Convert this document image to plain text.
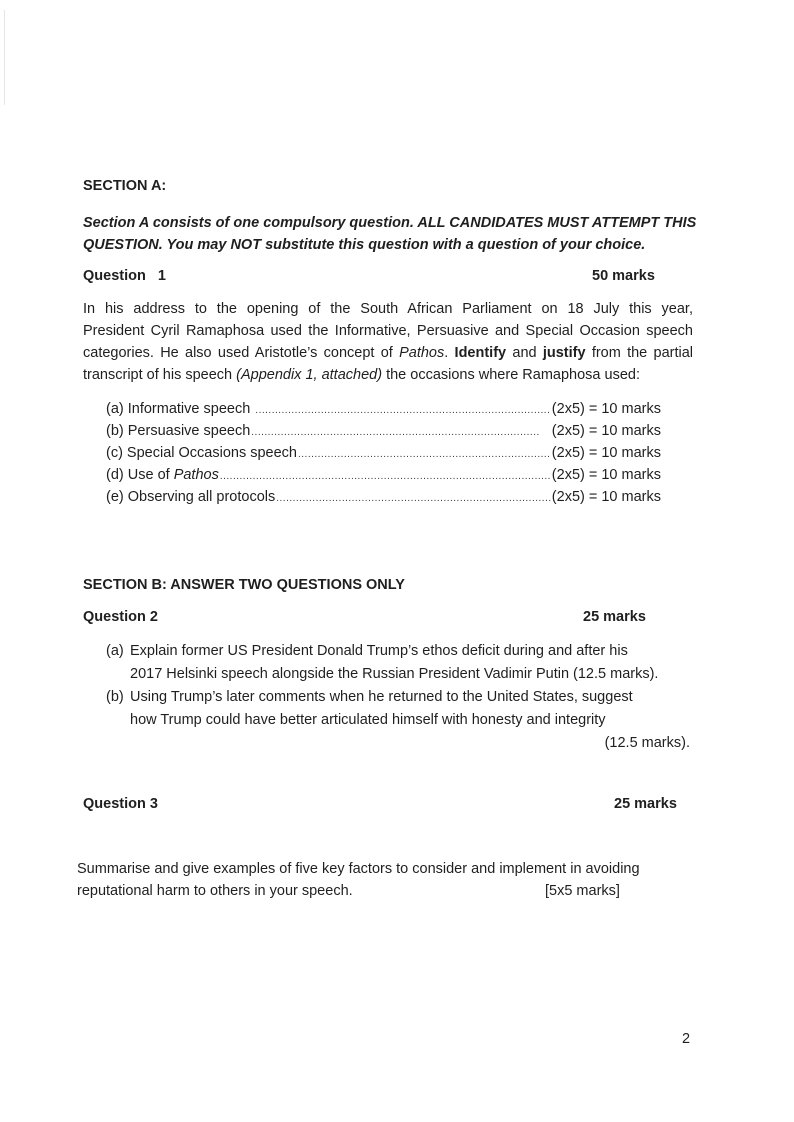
SECTION A:
Section A consists of one compulsory question. ALL CANDIDATES MUST ATTEMPT THIS
QUESTION. You may NOT substitute this question with a question of your choice.
Question   1	50 marks
In his address to the opening of the South African Parliament on 18 July this year,
President Cyril Ramaphosa used the Informative, Persuasive and Special Occasion speech
categories. He also used Aristotle’s concept of Pathos. Identify and justify from the partial
transcript of his speech (Appendix 1, attached) the occasions where Ramaphosa used:
(a) Informative speech .....	(2x5) = 10 marks
(b) Persuasive speech .....	(2x5) = 10 marks
(c) Special Occasions speech .....	(2x5) = 10 marks
(d) Use of Pathos .....	(2x5) = 10 marks
(e) Observing all protocols .....	(2x5) = 10 marks
SECTION B: ANSWER TWO QUESTIONS ONLY
Question 2	25 marks
(a) Explain former US President Donald Trump’s ethos deficit during and after his
2017 Helsinki speech alongside the Russian President Vadimir Putin (12.5 marks).
(b) Using Trump’s later comments when he returned to the United States, suggest
how Trump could have better articulated himself with honesty and integrity
(12.5 marks).
Question 3	25 marks
Summarise and give examples of five key factors to consider and implement in avoiding
reputational harm to others in your speech.	[5x5 marks]
2
